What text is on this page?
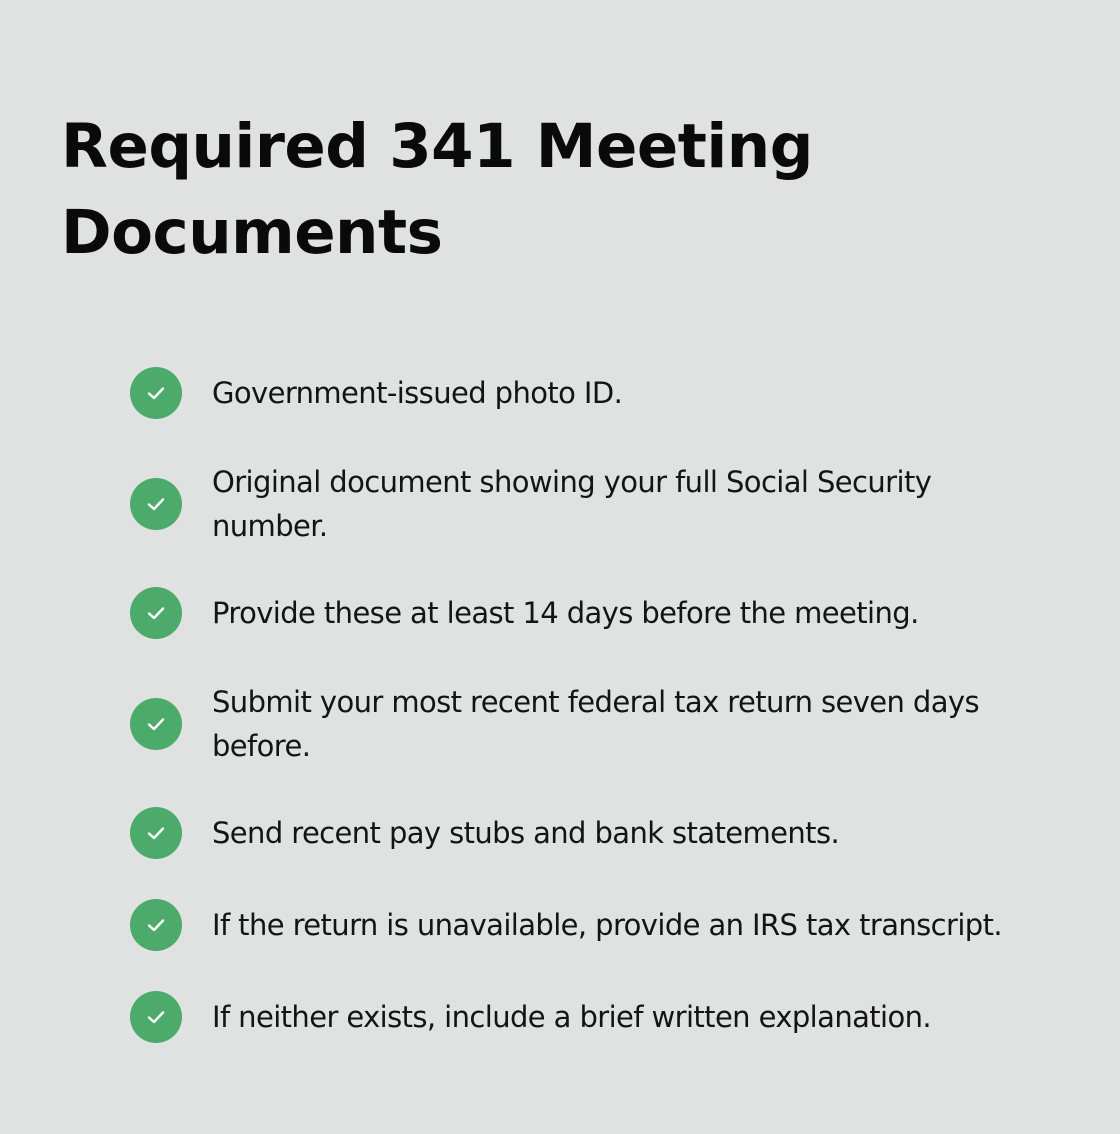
Required 341 Meeting Documents
Government-issued photo ID.
Original document showing your full Social Security number.
Provide these at least 14 days before the meeting.
Submit your most recent federal tax return seven days before.
Send recent pay stubs and bank statements.
If the return is unavailable, provide an IRS tax transcript.
If neither exists, include a brief written explanation.
